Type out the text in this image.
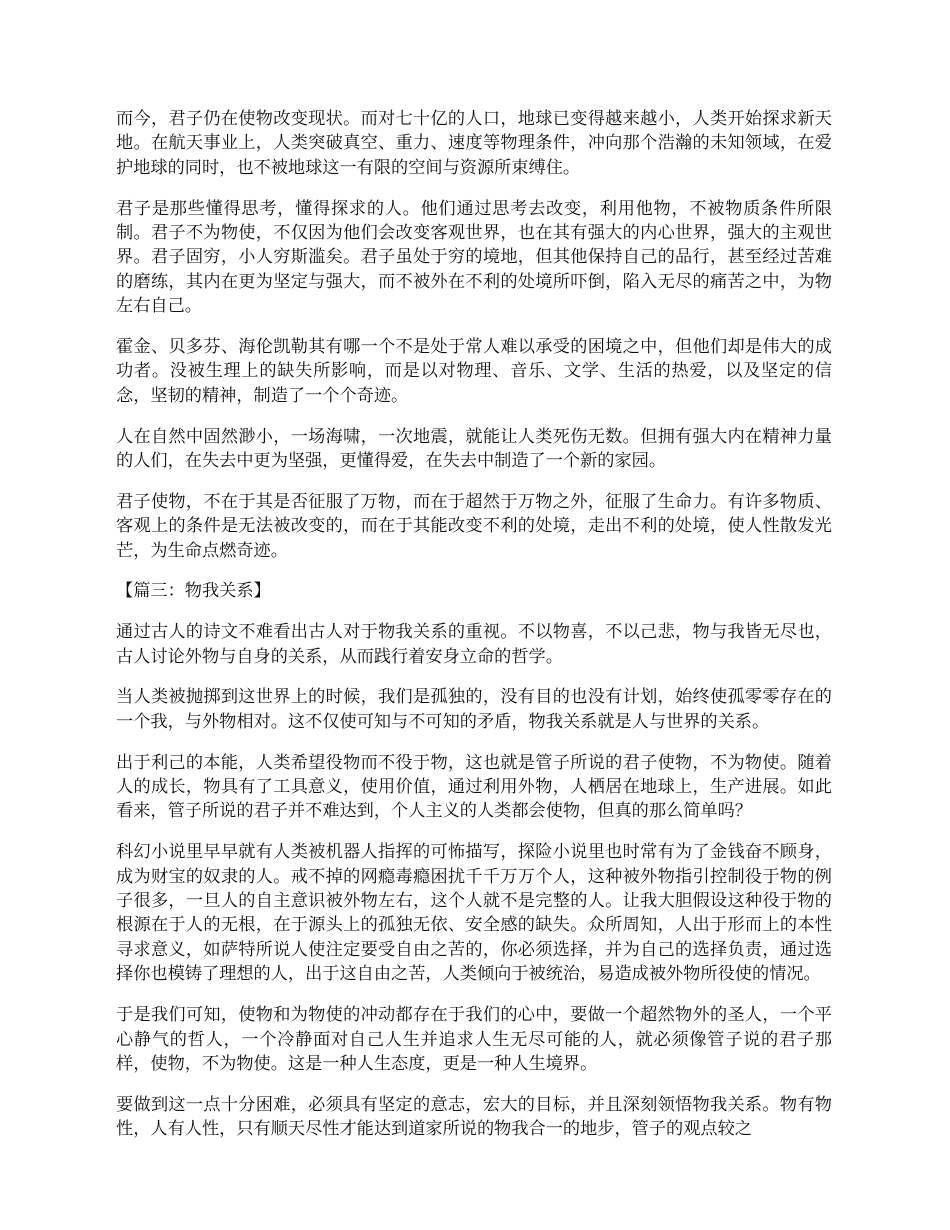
而今，君子仍在使物改变现状。而对七十亿的人口，地球已变得越来越小，人类开始探求新天地。在航天事业上，人类突破真空、重力、速度等物理条件，冲向那个浩瀚的未知领域，在爱护地球的同时，也不被地球这一有限的空间与资源所束缚住。

君子是那些懂得思考，懂得探求的人。他们通过思考去改变，利用他物，不被物质条件所限制。君子不为物使，不仅因为他们会改变客观世界，也在其有强大的内心世界，强大的主观世界。君子固穷，小人穷斯滥矣。君子虽处于穷的境地，但其他保持自己的品行，甚至经过苦难的磨练，其内在更为坚定与强大，而不被外在不利的处境所吓倒，陷入无尽的痛苦之中，为物左右自己。

霍金、贝多芬、海伦凯勒其有哪一个不是处于常人难以承受的困境之中，但他们却是伟大的成功者。没被生理上的缺失所影响，而是以对物理、音乐、文学、生活的热爱，以及坚定的信念，坚韧的精神，制造了一个个奇迹。

人在自然中固然渺小，一场海啸，一次地震，就能让人类死伤无数。但拥有强大内在精神力量的人们，在失去中更为坚强，更懂得爱，在失去中制造了一个新的家园。

君子使物，不在于其是否征服了万物，而在于超然于万物之外，征服了生命力。有许多物质、客观上的条件是无法被改变的，而在于其能改变不利的处境，走出不利的处境，使人性散发光芒，为生命点燃奇迹。

【篇三：物我关系】

通过古人的诗文不难看出古人对于物我关系的重视。不以物喜，不以己悲，物与我皆无尽也，古人讨论外物与自身的关系，从而践行着安身立命的哲学。

当人类被抛掷到这世界上的时候，我们是孤独的，没有目的也没有计划，始终使孤零零存在的一个我，与外物相对。这不仅使可知与不可知的矛盾，物我关系就是人与世界的关系。

出于利己的本能，人类希望役物而不役于物，这也就是管子所说的君子使物，不为物使。随着人的成长，物具有了工具意义，使用价值，通过利用外物，人栖居在地球上，生产进展。如此看来，管子所说的君子并不难达到，个人主义的人类都会使物，但真的那么简单吗？

科幻小说里早早就有人类被机器人指挥的可怖描写，探险小说里也时常有为了金钱奋不顾身，成为财宝的奴隶的人。戒不掉的网瘾毒瘾困扰千千万万个人，这种被外物指引控制役于物的例子很多，一旦人的自主意识被外物左右，这个人就不是完整的人。让我大胆假设这种役于物的根源在于人的无根，在于源头上的孤独无依、安全感的缺失。众所周知，人出于形而上的本性寻求意义，如萨特所说人使注定要受自由之苦的，你必须选择，并为自己的选择负责，通过选择你也模铸了理想的人，出于这自由之苦，人类倾向于被统治，易造成被外物所役使的情况。

于是我们可知，使物和为物使的冲动都存在于我们的心中，要做一个超然物外的圣人，一个平心静气的哲人，一个冷静面对自己人生并追求人生无尽可能的人，就必须像管子说的君子那样，使物，不为物使。这是一种人生态度，更是一种人生境界。

要做到这一点十分困难，必须具有坚定的意志，宏大的目标，并且深刻领悟物我关系。物有物性，人有人性，只有顺天尽性才能达到道家所说的物我合一的地步，管子的观点较之
